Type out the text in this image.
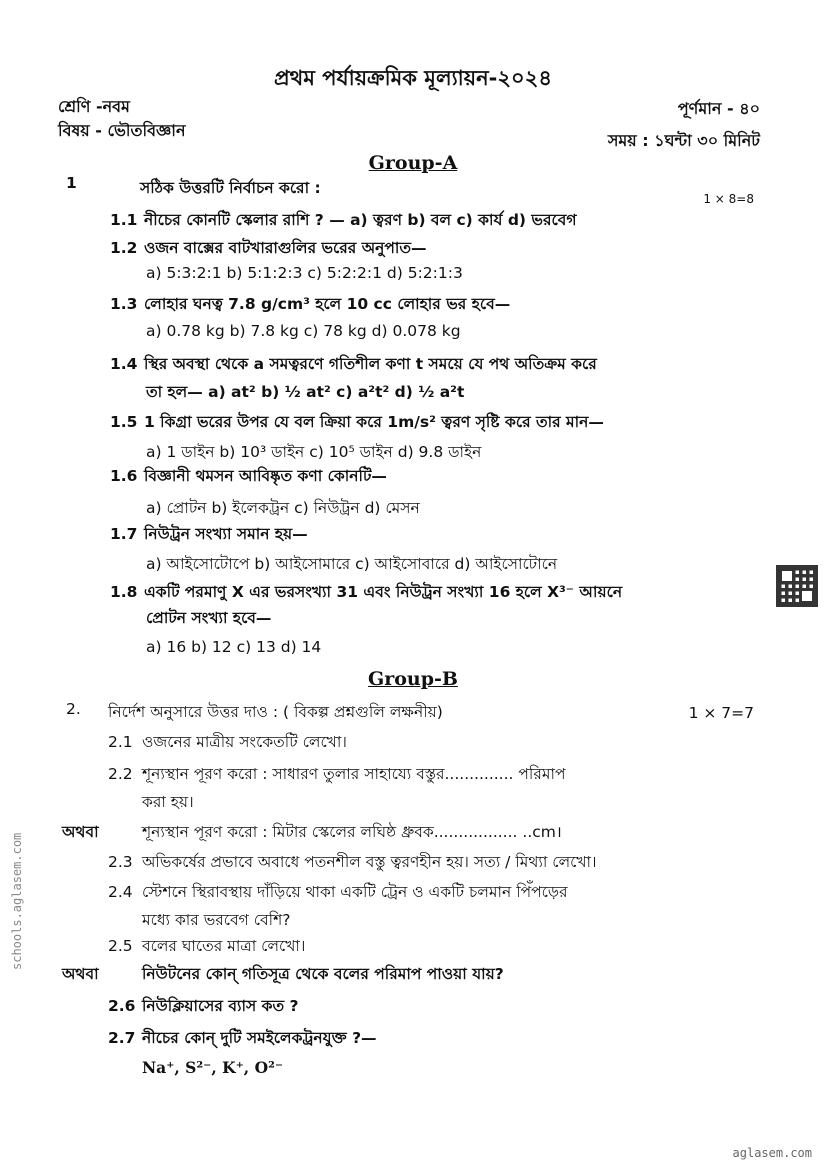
প্রথম পর্যায়ক্রমিক মূল্যায়ন-২০২৪
শ্রেণি -নবম
বিষয় - ভৌতবিজ্ঞান
পূর্ণমান - ৪০
সময় : ১ঘন্টা ৩০ মিনিট
Group-A
1	সঠিক উত্তরটি নির্বাচন করো :
1 × 8=8
1.1 নীচের কোনটি স্কেলার রাশি ? — a) ত্বরণ b) বল c) কার্য d) ভরবেগ
1.2 ওজন বাক্সের বাটখারাগুলির ভরের অনুপাত—
a) 5:3:2:1 b) 5:1:2:3 c) 5:2:2:1 d) 5:2:1:3
1.3 লোহার ঘনত্ব 7.8 g/cm³ হলে 10 cc লোহার ভর হবে—
a) 0.78 kg b) 7.8 kg c) 78 kg d) 0.078 kg
1.4 স্থির অবস্থা থেকে a সমত্বরণে গতিশীল কণা t সময়ে যে পথ অতিক্রম করে
তা হল— a) at² b) ½ at² c) a²t² d) ½ a²t
1.5 1 কিগ্রা ভরের উপর যে বল ক্রিয়া করে 1m/s² ত্বরণ সৃষ্টি করে তার মান—
a) 1 ডাইন b) 10³ ডাইন c) 10⁵ ডাইন d) 9.8 ডাইন
1.6 বিজ্ঞানী থমসন আবিষ্কৃত কণা কোনটি—
a) প্রোটন b) ইলেকট্রন c) নিউট্রন d) মেসন
1.7 নিউট্রন সংখ্যা সমান হয়—
a) আইসোটোপে b) আইসোমারে c) আইসোবারে d) আইসোটোনে
1.8 একটি পরমাণু X এর ভরসংখ্যা 31 এবং নিউট্রন সংখ্যা 16 হলে X³⁻ আয়নে
প্রোটন সংখ্যা হবে—
a) 16 b) 12 c) 13 d) 14
Group-B
2. নির্দেশ অনুসারে উত্তর দাও : ( বিকল্প প্রশ্নগুলি লক্ষনীয়)	1 × 7=7
2.1 ওজনের মাত্রীয় সংকেতটি লেখো।
2.2 শূন্যস্থান পূরণ করো : সাধারণ তুলার সাহায্যে বস্তুর.............. পরিমাপ
করা হয়।
অথবা	শূন্যস্থান পূরণ করো : মিটার স্কেলের লঘিষ্ঠ ধ্রুবক................. ..cm।
2.3 অভিকর্ষের প্রভাবে অবাধে পতনশীল বস্তু ত্বরণহীন হয়। সত্য / মিথ্যা লেখো।
2.4 স্টেশনে স্থিরাবস্থায় দাঁড়িয়ে থাকা একটি ট্রেন ও একটি চলমান পিঁপড়ের
মধ্যে কার ভরবেগ বেশি?
2.5 বলের ঘাতের মাত্রা লেখো।
অথবা	নিউটনের কোন্ গতিসূত্র থেকে বলের পরিমাপ পাওয়া যায়?
2.6 নিউক্লিয়াসের ব্যাস কত ?
2.7 নীচের কোন্ দুটি সমইলেকট্রনযুক্ত ?—
Na⁺, S²⁻, K⁺, O²⁻
schools.aglasem.com
aglasem.com
